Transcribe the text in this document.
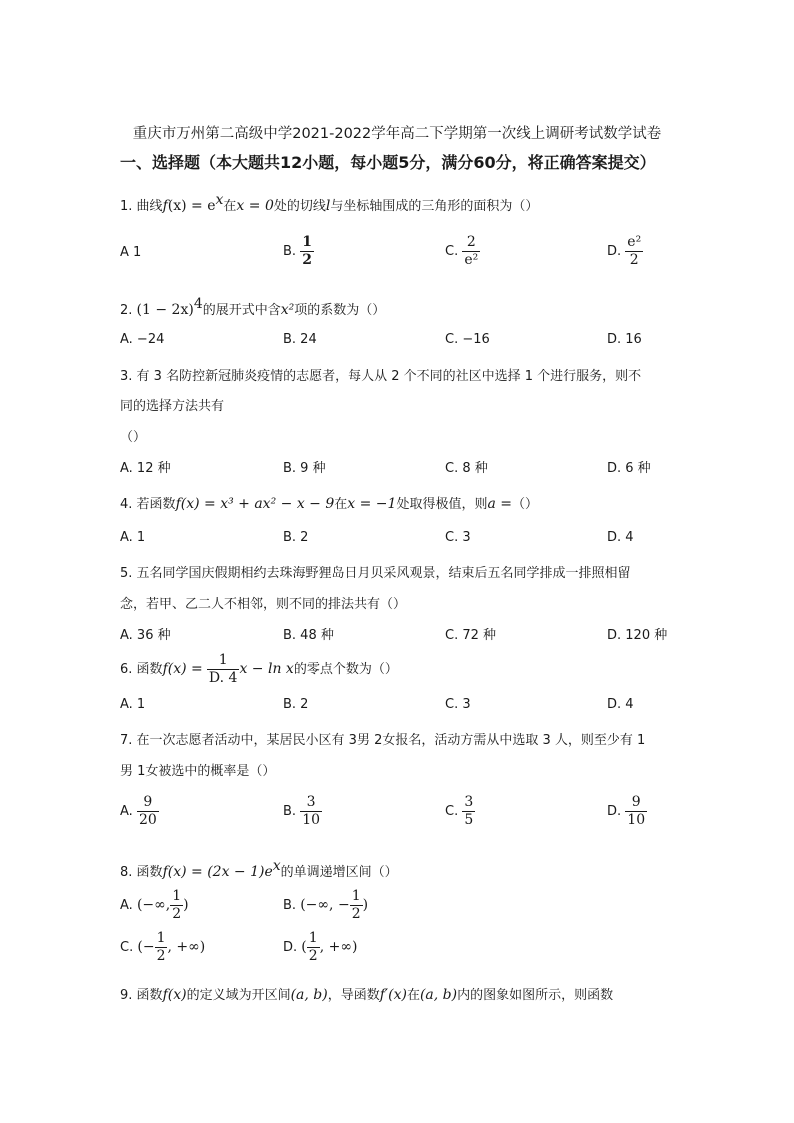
重庆市万州第二高级中学2021-2022学年高二下学期第一次线上调研考试数学试卷
一、选择题（本大题共12小题，每小题5分，满分60分，将正确答案提交）
1. 曲线$f(x) = e^x$在x = 0处的切线l与坐标轴围成的三角形的面积为（）
A 1	B. $\frac{1}{2}$	C. $\frac{2}{\text{e²}}$	D. $\frac{\text{e²}}{2}$
2. $(1 - 2x)^4$的展开式中含x²项的系数为（）
A. −24	B. 24	C. −16	D. 16
3. 有 3 名防控新冠肺炎疫情的志愿者，每人从 2 个不同的社区中选择 1 个进行服务，则不
同的选择方法共有
（）
A. 12 种	B. 9 种	C. 8 种	D. 6 种
4. 若函数f(x) = x³ + ax² − x − 9在x = −1处取得极值，则a =（）
A. 1	B. 2	C. 3	D. 4
5. 五名同学国庆假期相约去珠海野狸岛日月贝采风观景，结束后五名同学排成一排照相留
念，若甲、乙二人不相邻，则不同的排法共有（）
A. 36 种	B. 48 种	C. 72 种	D. 120 种
6. 函数$f(x) = \frac{1}{D. 4}$ x − ln x的零点个数为（）
A. 1	B. 2	C. 3	D. 4
7. 在一次志愿者活动中，某居民小区有 3男 2女报名，活动方需从中选取 3 人，则至少有 1
男 1女被选中的概率是（）
A. $\frac{9}{20}$	B. $\frac{3}{10}$	C. $\frac{3}{5}$	D. $\frac{9}{10}$
8. 函数$f(x) = (2x - 1)e^x$的单调递增区间（）
A. (−∞, $\frac{1}{2}$ )	B. (−∞, − $\frac{1}{2}$ )
C. (− $\frac{1}{2}$ , +∞)	D. ( $\frac{1}{2}$ , +∞)
9. 函数f(x)的定义域为开区间(a, b)，导函数f′(x)在(a, b)内的图象如图所示，则函数
